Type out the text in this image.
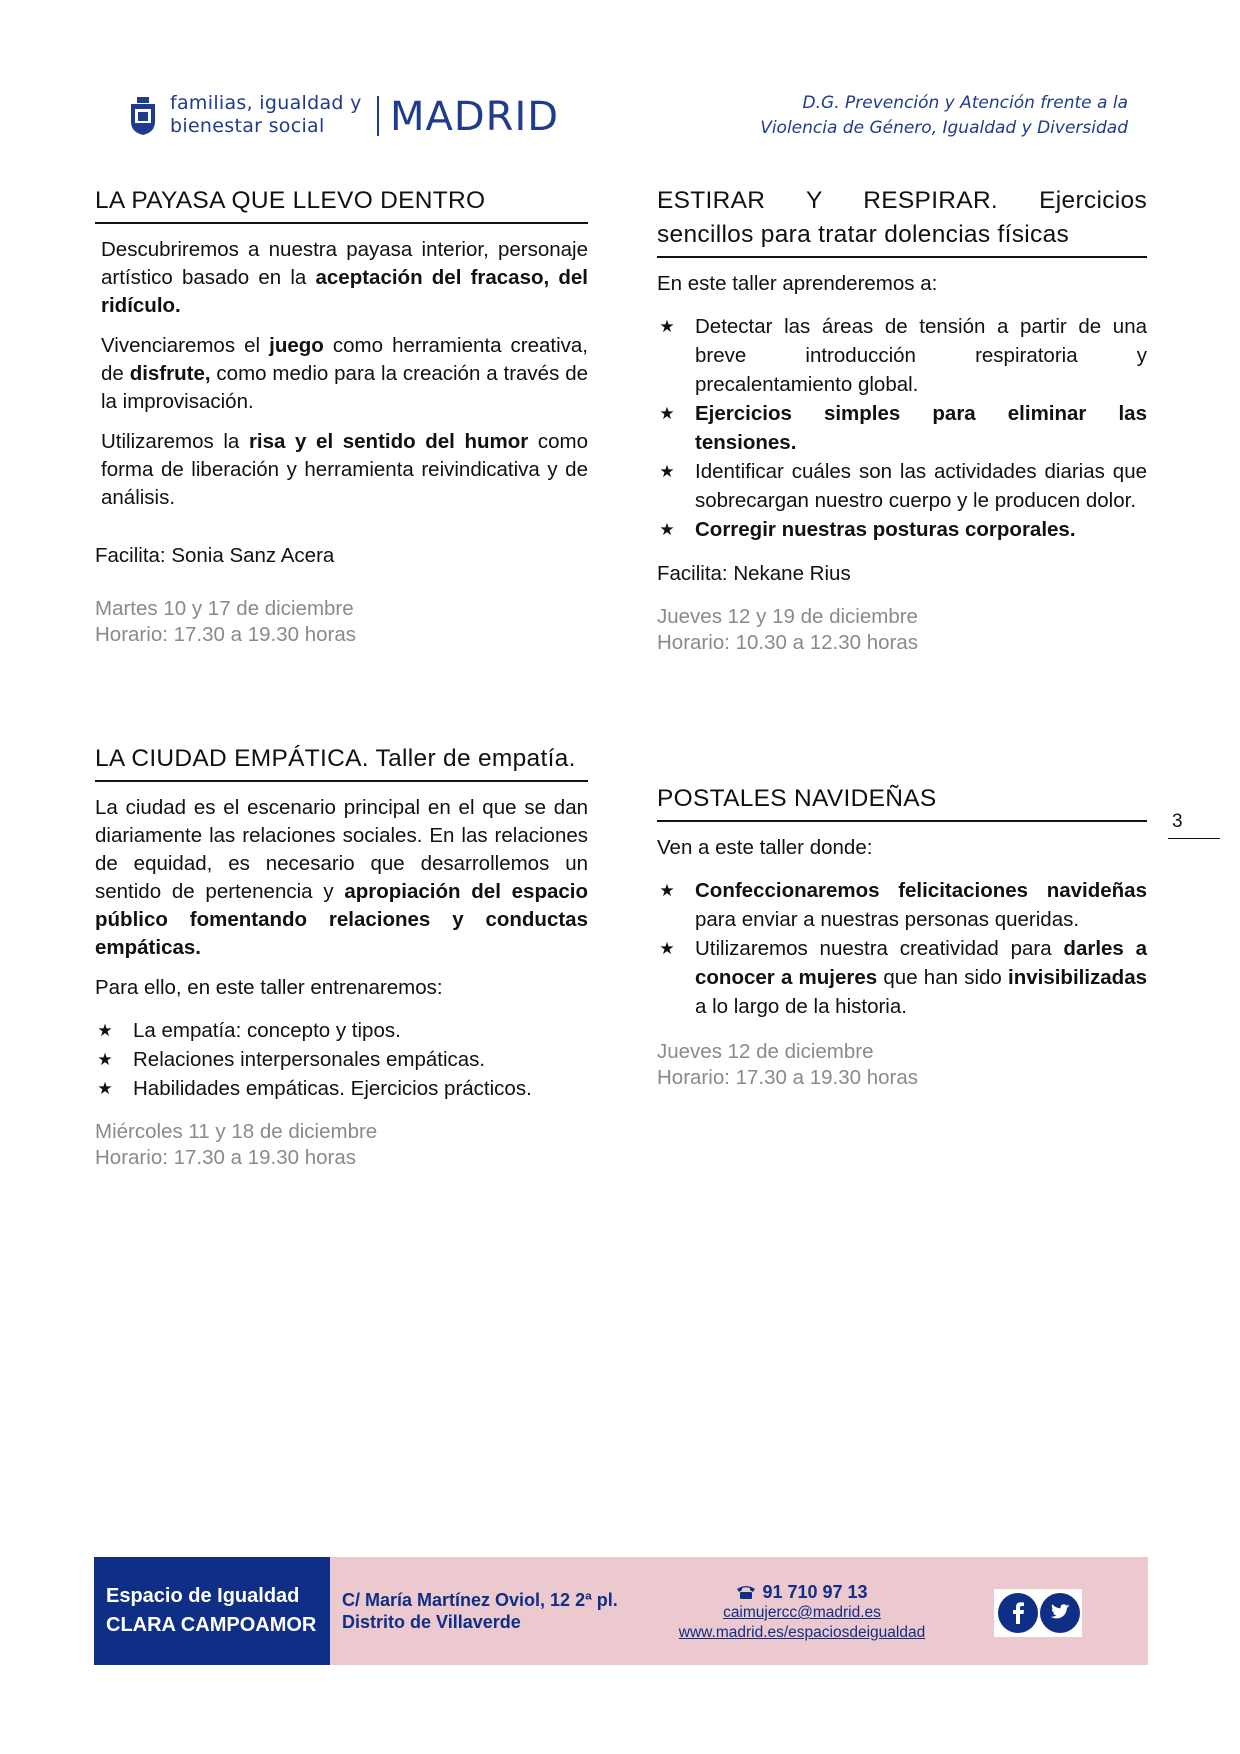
familias, igualdad y
bienestar social	MADRID	D.G. Prevención y Atención frente a la
Violencia de Género, Igualdad y Diversidad
LA PAYASA QUE LLEVO DENTRO

Descubriremos a nuestra payasa interior, personaje artístico basado en la aceptación del fracaso, del ridículo.

Vivenciaremos el juego como herramienta creativa, de disfrute, como medio para la creación a través de la improvisación.

Utilizaremos la risa y el sentido del humor como forma de liberación y herramienta reivindicativa y de análisis.

Facilita: Sonia Sanz Acera

Martes 10 y 17 de diciembre

Horario: 17.30 a 19.30 horas

ESTIRAR Y RESPIRAR. Ejercicios sencillos para tratar dolencias físicas

En este taller aprenderemos a:

★ Detectar las áreas de tensión a partir de una breve introducción respiratoria y precalentamiento global.
★ Ejercicios simples para eliminar las tensiones.
★ Identificar cuáles son las actividades diarias que sobrecargan nuestro cuerpo y le producen dolor.
★ Corregir nuestras posturas corporales.

Facilita: Nekane Rius

Jueves 12 y 19 de diciembre

Horario: 10.30 a 12.30 horas

LA CIUDAD EMPÁTICA. Taller de empatía.

La ciudad es el escenario principal en el que se dan diariamente las relaciones sociales. En las relaciones de equidad, es necesario que desarrollemos un sentido de pertenencia y apropiación del espacio público fomentando relaciones y conductas empáticas.

Para ello, en este taller entrenaremos:

★ La empatía: concepto y tipos.
★ Relaciones interpersonales empáticas.
★ Habilidades empáticas. Ejercicios prácticos.

Miércoles 11 y 18 de diciembre

Horario: 17.30 a 19.30 horas

POSTALES NAVIDEÑAS

Ven a este taller donde:

★ Confeccionaremos felicitaciones navideñas para enviar a nuestras personas queridas.
★ Utilizaremos nuestra creatividad para darles a conocer a mujeres que han sido invisibilizadas a lo largo de la historia.

Jueves 12 de diciembre

Horario: 17.30 a 19.30 horas

3
Espacio de Igualdad
CLARA CAMPOAMOR
C/ María Martínez Oviol, 12 2ª pl.
Distrito de Villaverde
91 710 97 13
caimujercc@madrid.es
www.madrid.es/espaciosdeigualdad
